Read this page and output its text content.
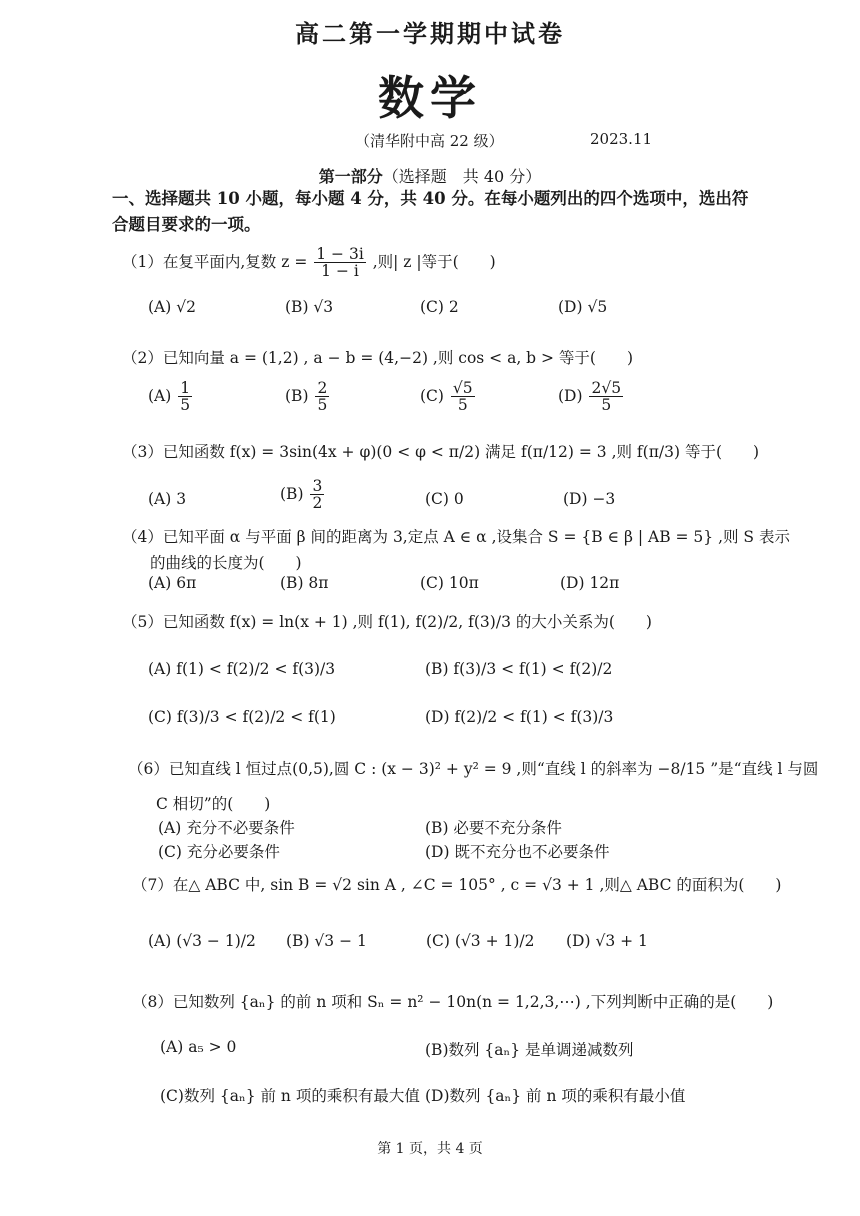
高二第一学期期中试卷
数学
（清华附中高 22 级）	2023.11
第一部分（选择题　共 40 分）
一、选择题共 10 小题，每小题 4 分，共 40 分。在每小题列出的四个选项中，选出符合题目要求的一项。
（1）在复平面内,复数 $z = \frac{1 - 3i}{1 - i}$ ,则| z |等于(　　)
(A) √2	(B) √3	(C) 2	(D) √5
（2）已知向量 a = (1,2) , a − b = (4,−2) ,则 cos < a, b > 等于(　　)
$(A) \frac{1}{5}$	$(B) \frac{2}{5}$	$(C) \frac{√5}{5}$	$(D) \frac{2√5}{5}$
（3）已知函数 f(x) = 3sin(4x + φ)(0 < φ < π/2) 满足 f(π/12) = 3 ,则 f(π/3) 等于(　　)
(A) 3	$(B) \frac{3}{2}$	(C) 0	(D) −3
（4）已知平面 α 与平面 β 间的距离为 3,定点 A ∈ α ,设集合 S = {B ∈ β | AB = 5} ,则 S 表示
的曲线的长度为(　　)
(A) 6π	(B) 8π	(C) 10π	(D) 12π
（5）已知函数 f(x) = ln(x + 1) ,则 f(1), f(2)/2, f(3)/3 的大小关系为(　　)
(A) f(1) < f(2)/2 < f(3)/3	(B) f(3)/3 < f(1) < f(2)/2
(C) f(3)/3 < f(2)/2 < f(1)	(D) f(2)/2 < f(1) < f(3)/3
（6）已知直线 l 恒过点(0,5),圆 C : (x − 3)² + y² = 9 ,则“直线 l 的斜率为 −8/15 ”是“直线 l 与圆
C 相切”的(　　)
(A) 充分不必要条件	(B) 必要不充分条件
(C) 充分必要条件	(D) 既不充分也不必要条件
（7）在△ ABC 中, sin B = √2 sin A , ∠C = 105° , c = √3 + 1 ,则△ ABC 的面积为(　　)
(A) (√3 − 1)/2 (B) √3 − 1	(C) (√3 + 1)/2 (D) √3 + 1
（8）已知数列 {aₙ} 的前 n 项和 Sₙ = n² − 10n(n = 1,2,3,⋯) ,下列判断中正确的是(　　)
(A) a₅ > 0	(B)数列 {aₙ} 是单调递减数列
(C)数列 {aₙ} 前 n 项的乘积有最大值 (D)数列 {aₙ} 前 n 项的乘积有最小值
第 1 页，共 4 页
